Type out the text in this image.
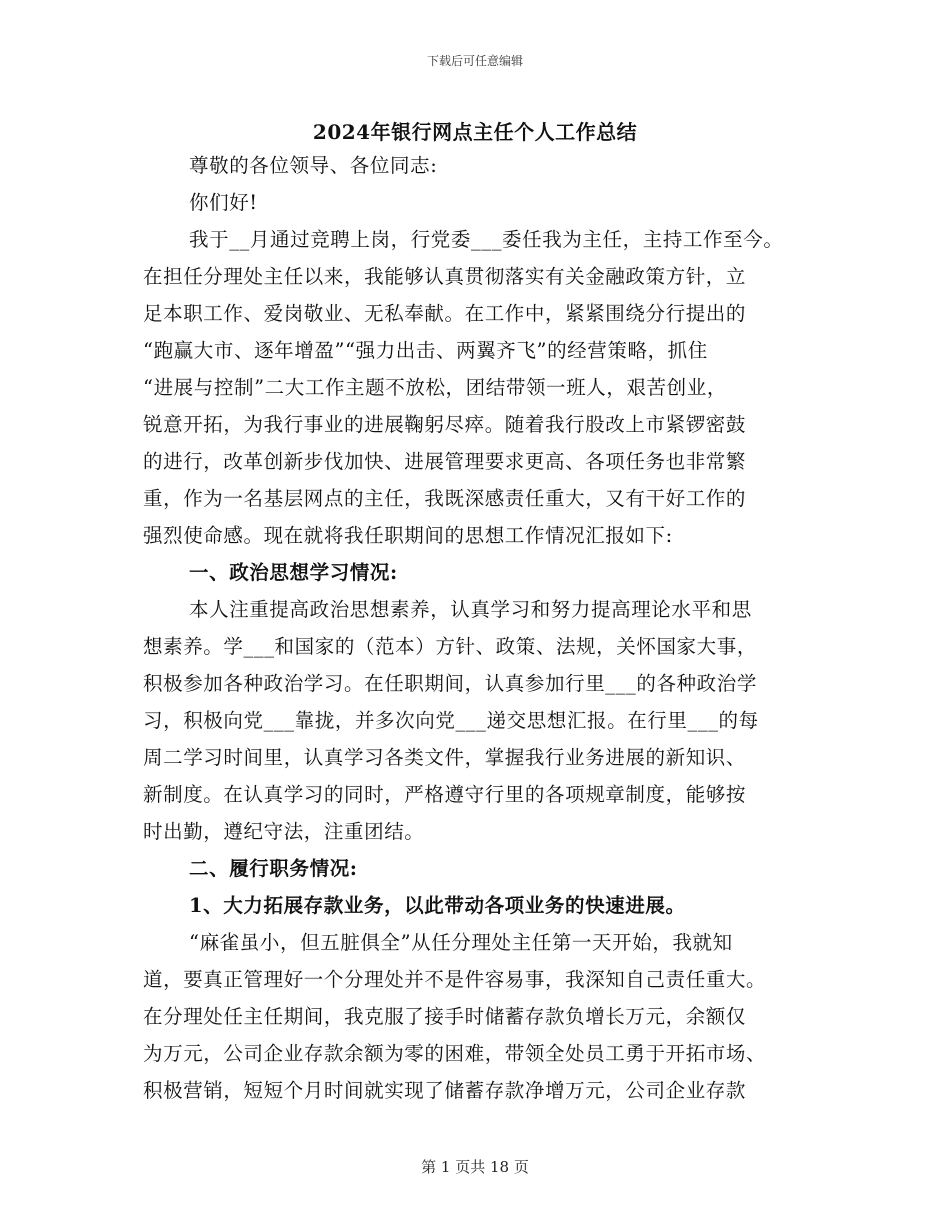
下载后可任意编辑
2024年银行网点主任个人工作总结
尊敬的各位领导、各位同志:
你们好!
我于__月通过竞聘上岗，行党委___委任我为主任，主持工作至今。
在担任分理处主任以来，我能够认真贯彻落实有关金融政策方针，立
足本职工作、爱岗敬业、无私奉献。在工作中，紧紧围绕分行提出的
“跑赢大市、逐年增盈”“强力出击、两翼齐飞”的经营策略，抓住
“进展与控制”二大工作主题不放松，团结带领一班人，艰苦创业，
锐意开拓，为我行事业的进展鞠躬尽瘁。随着我行股改上市紧锣密鼓
的进行，改革创新步伐加快、进展管理要求更高、各项任务也非常繁
重，作为一名基层网点的主任，我既深感责任重大，又有干好工作的
强烈使命感。现在就将我任职期间的思想工作情况汇报如下:
一、政治思想学习情况:
本人注重提高政治思想素养，认真学习和努力提高理论水平和思
想素养。学___和国家的（范本）方针、政策、法规，关怀国家大事，
积极参加各种政治学习。在任职期间，认真参加行里___的各种政治学
习，积极向党___靠拢，并多次向党___递交思想汇报。在行里___的每
周二学习时间里，认真学习各类文件，掌握我行业务进展的新知识、
新制度。在认真学习的同时，严格遵守行里的各项规章制度，能够按
时出勤，遵纪守法，注重团结。
二、履行职务情况:
1、大力拓展存款业务，以此带动各项业务的快速进展。
“麻雀虽小，但五脏俱全”从任分理处主任第一天开始，我就知
道，要真正管理好一个分理处并不是件容易事，我深知自己责任重大。
在分理处任主任期间，我克服了接手时储蓄存款负增长万元，余额仅
为万元，公司企业存款余额为零的困难，带领全处员工勇于开拓市场、
积极营销，短短个月时间就实现了储蓄存款净增万元，公司企业存款
第 1 页共 18 页
